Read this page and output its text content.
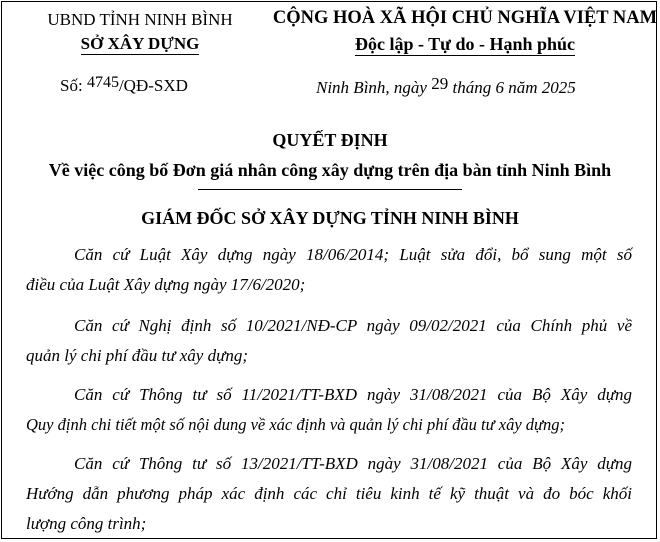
UBND TỈNH NINH BÌNH
SỞ XÂY DỰNG
CỘNG HOÀ XÃ HỘI CHỦ NGHĨA VIỆT NAM
Độc lập - Tự do - Hạnh phúc
Số: 4745/QĐ-SXD	Ninh Bình, ngày 29 tháng 6 năm 2025
QUYẾT ĐỊNH
Về việc công bố Đơn giá nhân công xây dựng trên địa bàn tỉnh Ninh Bình
GIÁM ĐỐC SỞ XÂY DỰNG TỈNH NINH BÌNH
Căn cứ Luật Xây dựng ngày 18/06/2014; Luật sửa đổi, bổ sung một số
điều của Luật Xây dựng ngày 17/6/2020;
Căn cứ Nghị định số 10/2021/NĐ-CP ngày 09/02/2021 của Chính phủ về
quản lý chi phí đầu tư xây dựng;
Căn cứ Thông tư số 11/2021/TT-BXD ngày 31/08/2021 của Bộ Xây dựng
Quy định chi tiết một số nội dung về xác định và quản lý chi phí đầu tư xây dựng;
Căn cứ Thông tư số 13/2021/TT-BXD ngày 31/08/2021 của Bộ Xây dựng
Hướng dẫn phương pháp xác định các chỉ tiêu kinh tế kỹ thuật và đo bóc khối
lượng công trình;
